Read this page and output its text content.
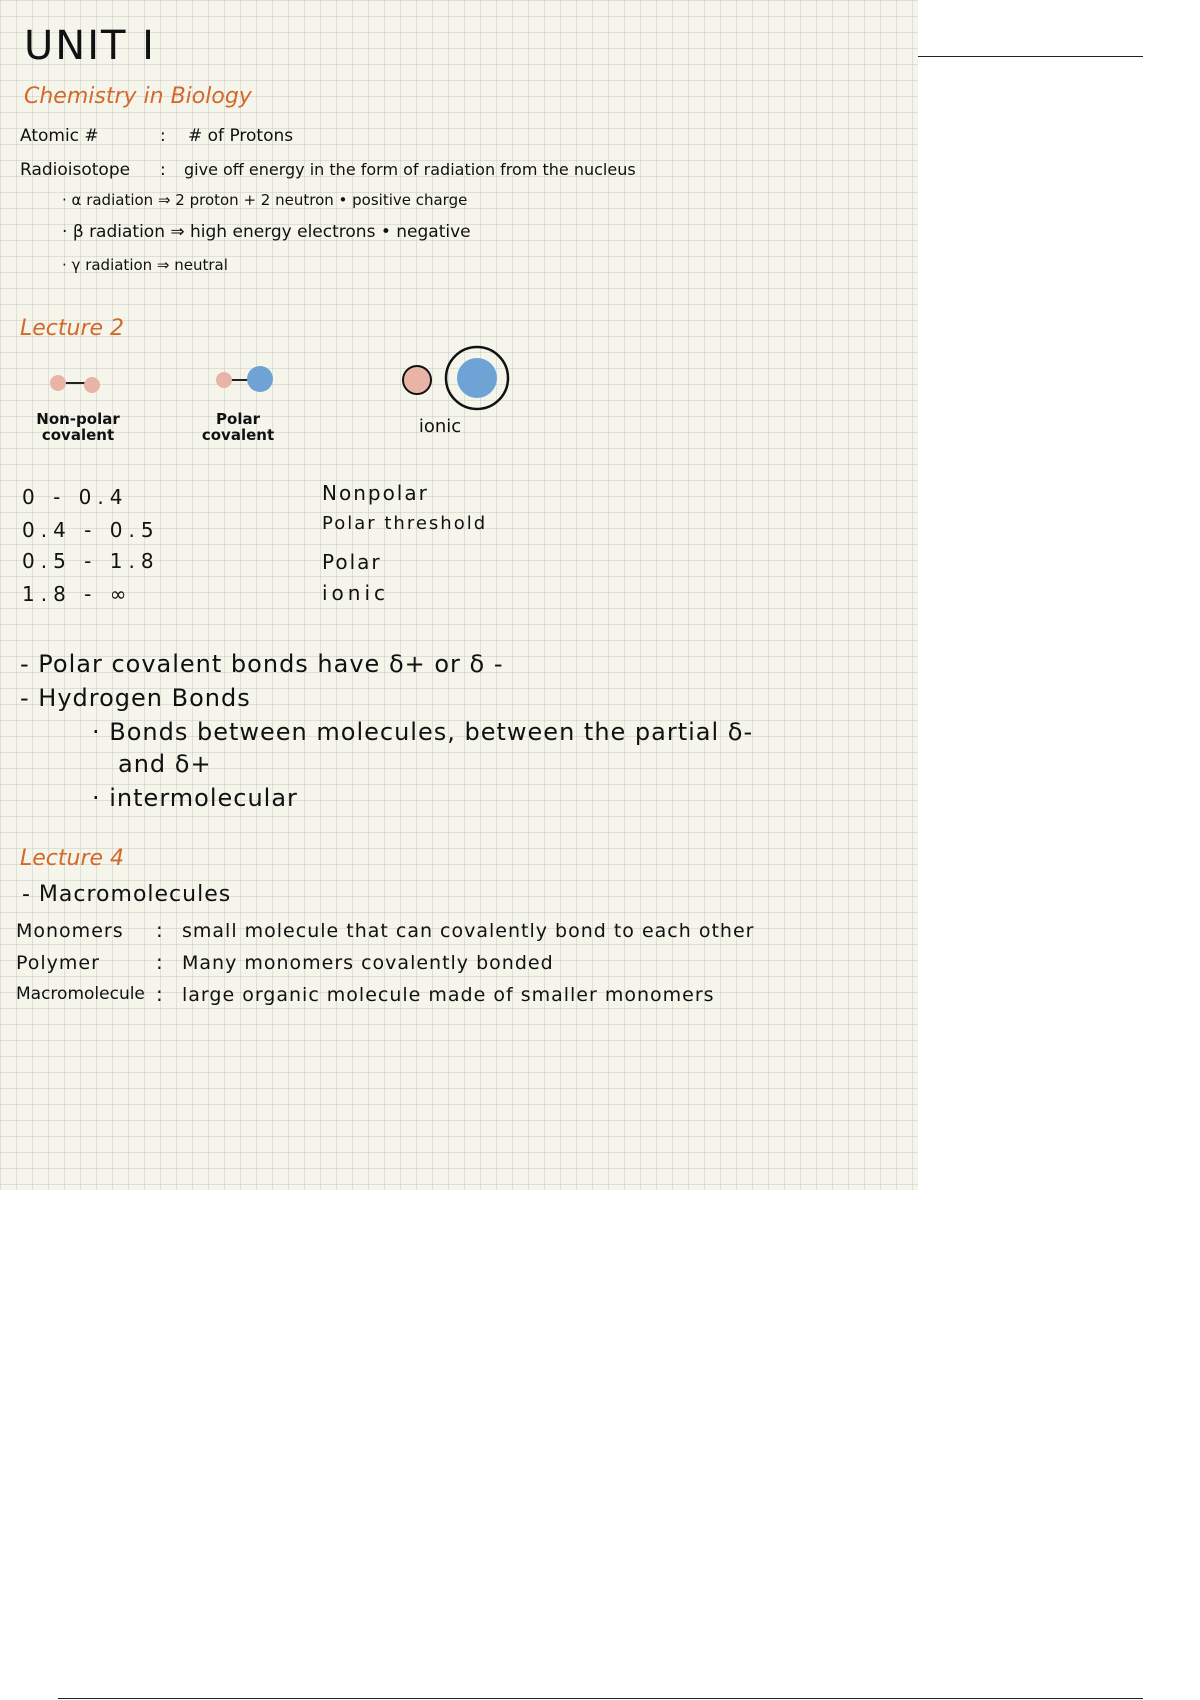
UNIT I
Chemistry in Biology
Atomic #	: # of Protons
Radioisotope : give off energy in the form of radiation from the nucleus
· α radiation ⇒ 2 proton + 2 neutron • positive charge
· β radiation ⇒ high energy electrons • negative
· γ radiation ⇒ neutral
Lecture 2
Non-polar
covalent
Polar
covalent	ionic
0 - 0.4	Nonpolar
0.4 - 0.5	Polar threshold
0.5 - 1.8	Polar
1.8 - ∞	ionic
- Polar covalent bonds have δ+ or δ -
- Hydrogen Bonds
· Bonds between molecules, between the partial δ-
and δ+
· intermolecular
Lecture 4
- Macromolecules
Monomers : small molecule that can covalently bond to each other
Polymer	: Many monomers covalently bonded
Macromolecule : large organic molecule made of smaller monomers
